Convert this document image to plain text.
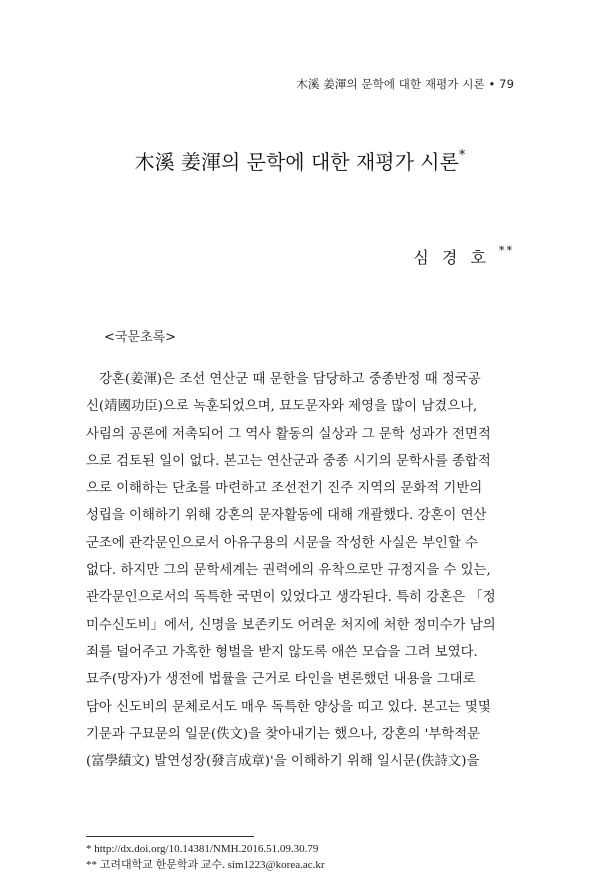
木溪 姜渾의 문학에 대한 재평가 시론 • 79
木溪 姜渾의 문학에 대한 재평가 시론*
심 경 호 **
<국문초록>
강혼(姜渾)은 조선 연산군 때 문한을 담당하고 중종반정 때 정국공
신(靖國功臣)으로 녹훈되었으며, 묘도문자와 제영을 많이 남겼으나,
사림의 공론에 저촉되어 그 역사 활동의 실상과 그 문학 성과가 전면적
으로 검토된 일이 없다. 본고는 연산군과 중종 시기의 문학사를 종합적
으로 이해하는 단초를 마련하고 조선전기 진주 지역의 문화적 기반의
성립을 이해하기 위해 강혼의 문자활동에 대해 개괄했다. 강혼이 연산
군조에 관각문인으로서 아유구용의 시문을 작성한 사실은 부인할 수
없다. 하지만 그의 문학세계는 권력에의 유착으로만 규정지을 수 있는,
관각문인으로서의 독특한 국면이 있었다고 생각된다. 특히 강혼은 「정
미수신도비」에서, 신명을 보존키도 어려운 처지에 처한 정미수가 남의
죄를 덜어주고 가혹한 형벌을 받지 않도록 애쓴 모습을 그려 보였다.
묘주(망자)가 생전에 법률을 근거로 타인을 변론했던 내용을 그대로
담아 신도비의 문체로서도 매우 독특한 양상을 띠고 있다. 본고는 몇몇
기문과 구묘문의 일문(佚文)을 찾아내기는 했으나, 강혼의 '부학적문
(富學績文) 발연성장(發言成章)'을 이해하기 위해 일시문(佚詩文)을
* http://dx.doi.org/10.14381/NMH.2016.51.09.30.79
** 고려대학교 한문학과 교수. sim1223@korea.ac.kr
